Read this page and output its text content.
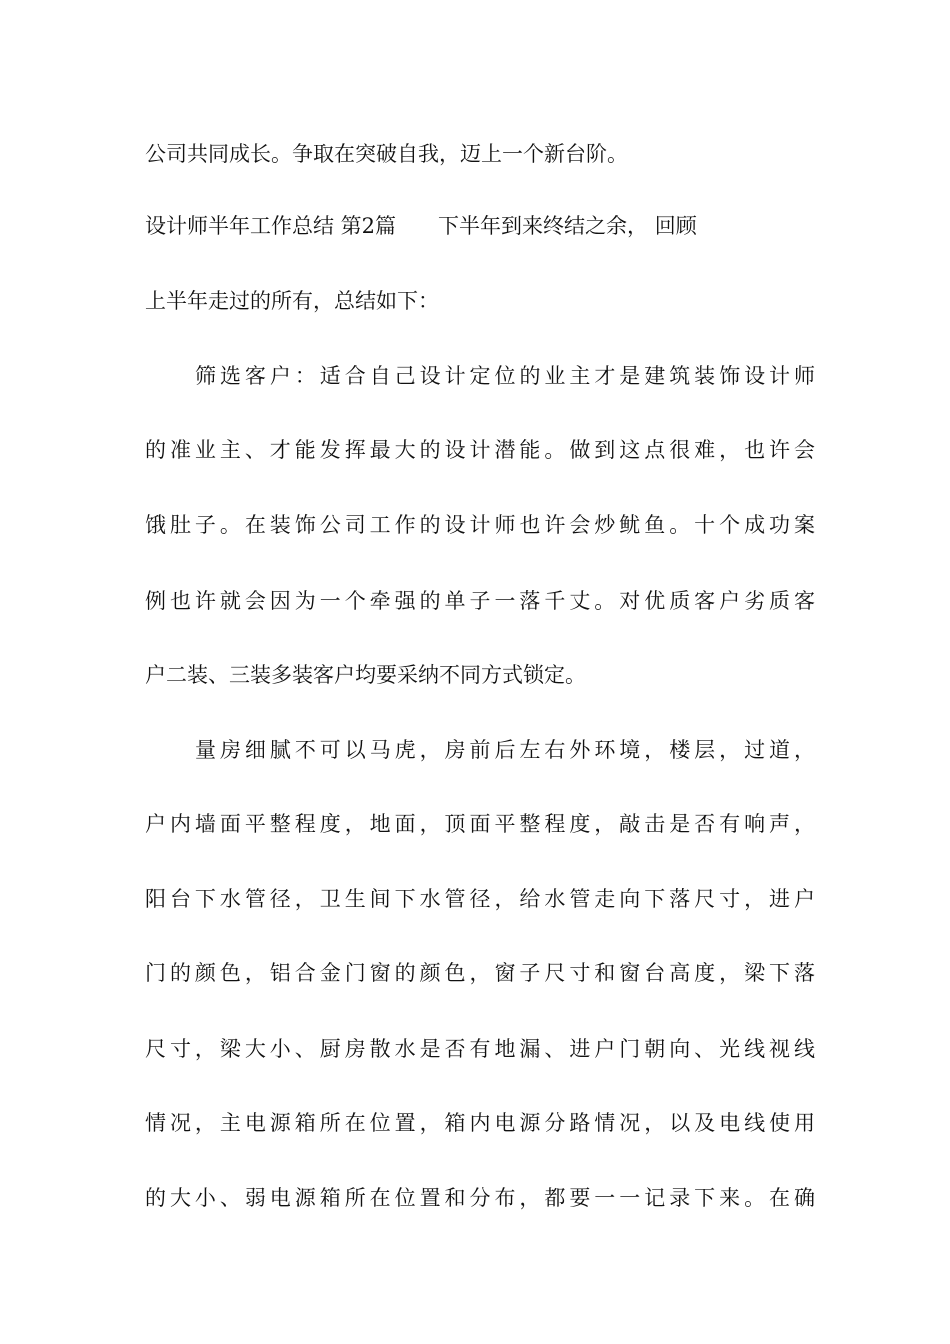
公司共同成长。争取在突破自我，迈上一个新台阶。
设计师半年工作总结 第2篇　　下半年到来终结之余， 回顾
上半年走过的所有，总结如下：
筛选客户：适合自己设计定位的业主才是建筑装饰设计师
的准业主、才能发挥最大的设计潜能。做到这点很难，也许会
饿肚子。在装饰公司工作的设计师也许会炒鱿鱼。十个成功案
例也许就会因为一个牵强的单子一落千丈。对优质客户劣质客
户二装、三装多装客户均要采纳不同方式锁定。
量房细腻不可以马虎，房前后左右外环境，楼层，过道，
户内墙面平整程度，地面，顶面平整程度，敲击是否有响声，
阳台下水管径，卫生间下水管径，给水管走向下落尺寸，进户
门的颜色，铝合金门窗的颜色，窗子尺寸和窗台高度，梁下落
尺寸，梁大小、厨房散水是否有地漏、进户门朝向、光线视线
情况，主电源箱所在位置，箱内电源分路情况，以及电线使用
的大小、弱电源箱所在位置和分布，都要一一记录下来。在确
